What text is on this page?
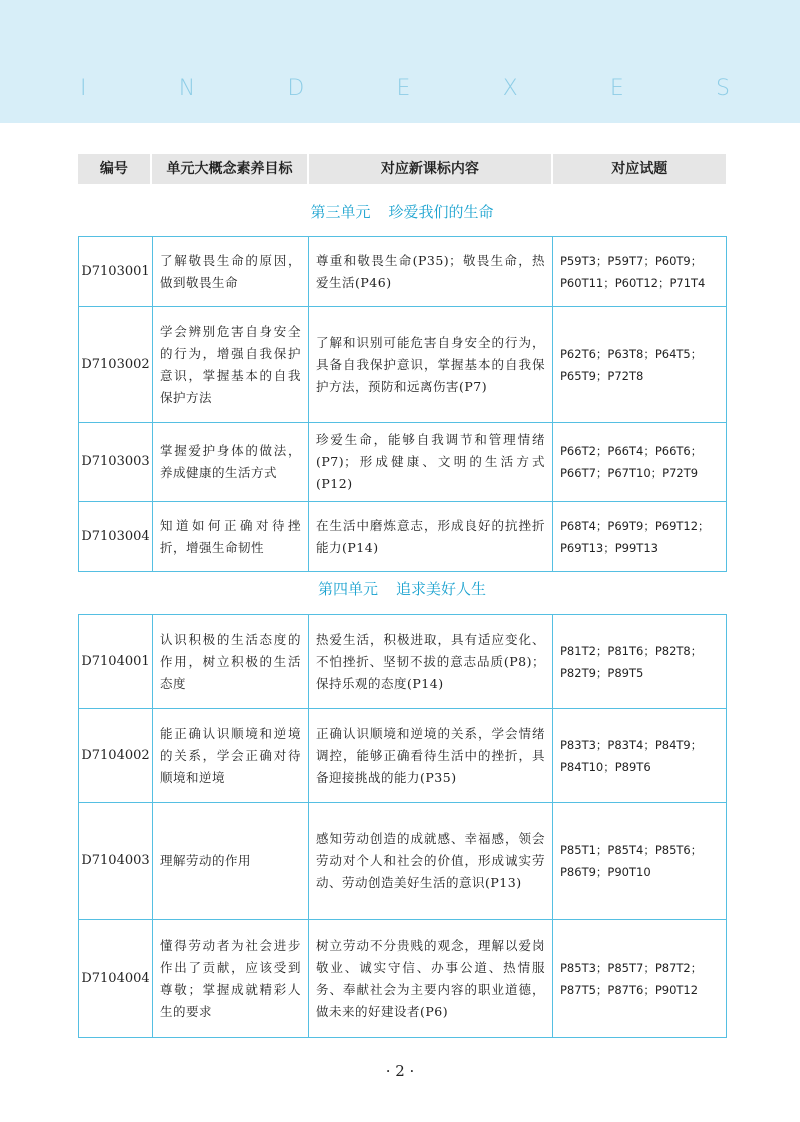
I	N	D	E	X	E	S
编号	单元大概念素养目标	对应新课标内容	对应试题
第三单元 珍爱我们的生命
D7103001	了解敬畏生命的原因，做到敬畏生命	尊重和敬畏生命(P35)；敬畏生命，热爱生活(P46)	P59T3；P59T7；P60T9；P60T11；P60T12；P71T4
D7103002	学会辨别危害自身安全的行为，增强自我保护意识，掌握基本的自我保护方法	了解和识别可能危害自身安全的行为，具备自我保护意识，掌握基本的自我保护方法，预防和远离伤害(P7)	P62T6；P63T8；P64T5；P65T9；P72T8
D7103003	掌握爱护身体的做法，养成健康的生活方式	珍爱生命，能够自我调节和管理情绪(P7)；形成健康、文明的生活方式(P12)	P66T2；P66T4；P66T6；P66T7；P67T10；P72T9
D7103004	知道如何正确对待挫折，增强生命韧性	在生活中磨炼意志，形成良好的抗挫折能力(P14)	P68T4；P69T9；P69T12；P69T13；P99T13
第四单元 追求美好人生
D7104001	认识积极的生活态度的作用，树立积极的生活态度	热爱生活，积极进取，具有适应变化、不怕挫折、坚韧不拔的意志品质(P8)；保持乐观的态度(P14)	P81T2；P81T6；P82T8；P82T9；P89T5
D7104002	能正确认识顺境和逆境的关系，学会正确对待顺境和逆境	正确认识顺境和逆境的关系，学会情绪调控，能够正确看待生活中的挫折，具备迎接挑战的能力(P35)	P83T3；P83T4；P84T9；P84T10；P89T6
D7104003	理解劳动的作用	感知劳动创造的成就感、幸福感，领会劳动对个人和社会的价值，形成诚实劳动、劳动创造美好生活的意识(P13)	P85T1；P85T4；P85T6；P86T9；P90T10
D7104004	懂得劳动者为社会进步作出了贡献，应该受到尊敬；掌握成就精彩人生的要求	树立劳动不分贵贱的观念，理解以爱岗敬业、诚实守信、办事公道、热情服务、奉献社会为主要内容的职业道德，做未来的好建设者(P6)	P85T3；P85T7；P87T2；P87T5；P87T6；P90T12
· 2 ·
